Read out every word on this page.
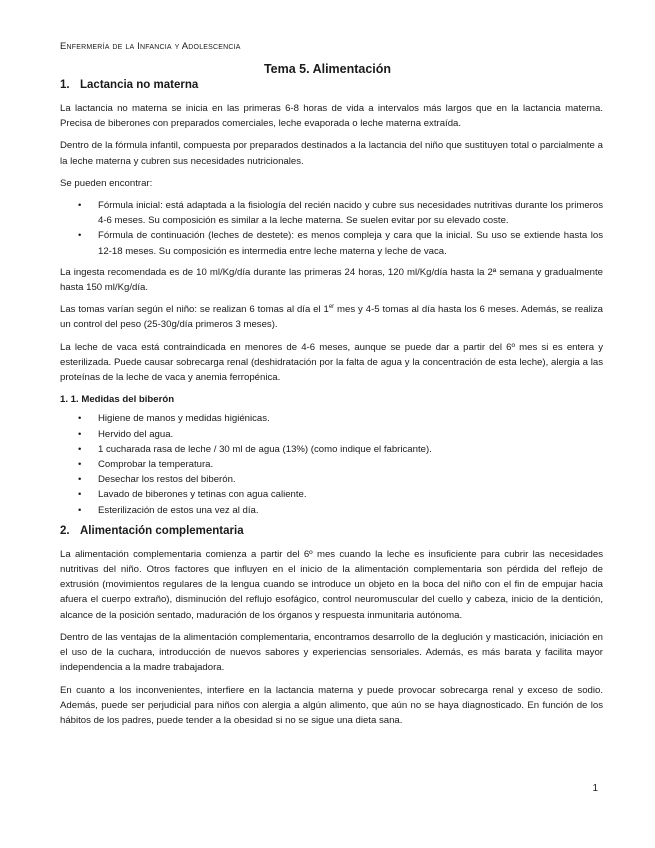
Enfermería de la Infancia y Adolescencia
Tema 5. Alimentación
1. Lactancia no materna

La lactancia no materna se inicia en las primeras 6-8 horas de vida a intervalos más largos que en la lactancia materna. Precisa de biberones con preparados comerciales, leche evaporada o leche materna extraída.

Dentro de la fórmula infantil, compuesta por preparados destinados a la lactancia del niño que sustituyen total o parcialmente a la leche materna y cubren sus necesidades nutricionales.

Se pueden encontrar:

• Fórmula inicial: está adaptada a la fisiología del recién nacido y cubre sus necesidades nutritivas durante los primeros 4-6 meses. Su composición es similar a la leche materna. Se suelen evitar por su elevado coste.
• Fórmula de continuación (leches de destete): es menos compleja y cara que la inicial. Su uso se extiende hasta los 12-18 meses. Su composición es intermedia entre leche materna y leche de vaca.

La ingesta recomendada es de 10 ml/Kg/día durante las primeras 24 horas, 120 ml/Kg/día hasta la 2ª semana y gradualmente hasta 150 ml/Kg/día.

Las tomas varían según el niño: se realizan 6 tomas al día el 1er mes y 4-5 tomas al día hasta los 6 meses. Además, se realiza un control del peso (25-30g/día primeros 3 meses).

La leche de vaca está contraindicada en menores de 4-6 meses, aunque se puede dar a partir del 6º mes si es entera y esterilizada. Puede causar sobrecarga renal (deshidratación por la falta de agua y la concentración de esta leche), alergia a las proteínas de la leche de vaca y anemia ferropénica.

1. 1. Medidas del biberón
• Higiene de manos y medidas higiénicas.
• Hervido del agua.
• 1 cucharada rasa de leche / 30 ml de agua (13%) (como indique el fabricante).
• Comprobar la temperatura.
• Desechar los restos del biberón.
• Lavado de biberones y tetinas con agua caliente.
• Esterilización de estos una vez al día.
2. Alimentación complementaria

La alimentación complementaria comienza a partir del 6º mes cuando la leche es insuficiente para cubrir las necesidades nutritivas del niño. Otros factores que influyen en el inicio de la alimentación complementaria son pérdida del reflejo de extrusión (movimientos regulares de la lengua cuando se introduce un objeto en la boca del niño con el fin de empujar hacia afuera el cuerpo extraño), disminución del reflujo esofágico, control neuromuscular del cuello y cabeza, inicio de la dentición, alcance de la posición sentado, maduración de los órganos y respuesta inmunitaria autónoma.

Dentro de las ventajas de la alimentación complementaria, encontramos desarrollo de la deglución y masticación, iniciación en el uso de la cuchara, introducción de nuevos sabores y experiencias sensoriales. Además, es más barata y facilita mayor independencia a la madre trabajadora.

En cuanto a los inconvenientes, interfiere en la lactancia materna y puede provocar sobrecarga renal y exceso de sodio. Además, puede ser perjudicial para niños con alergia a algún alimento, que aún no se haya diagnosticado. En función de los hábitos de los padres, puede tender a la obesidad si no se sigue una dieta sana.

1
